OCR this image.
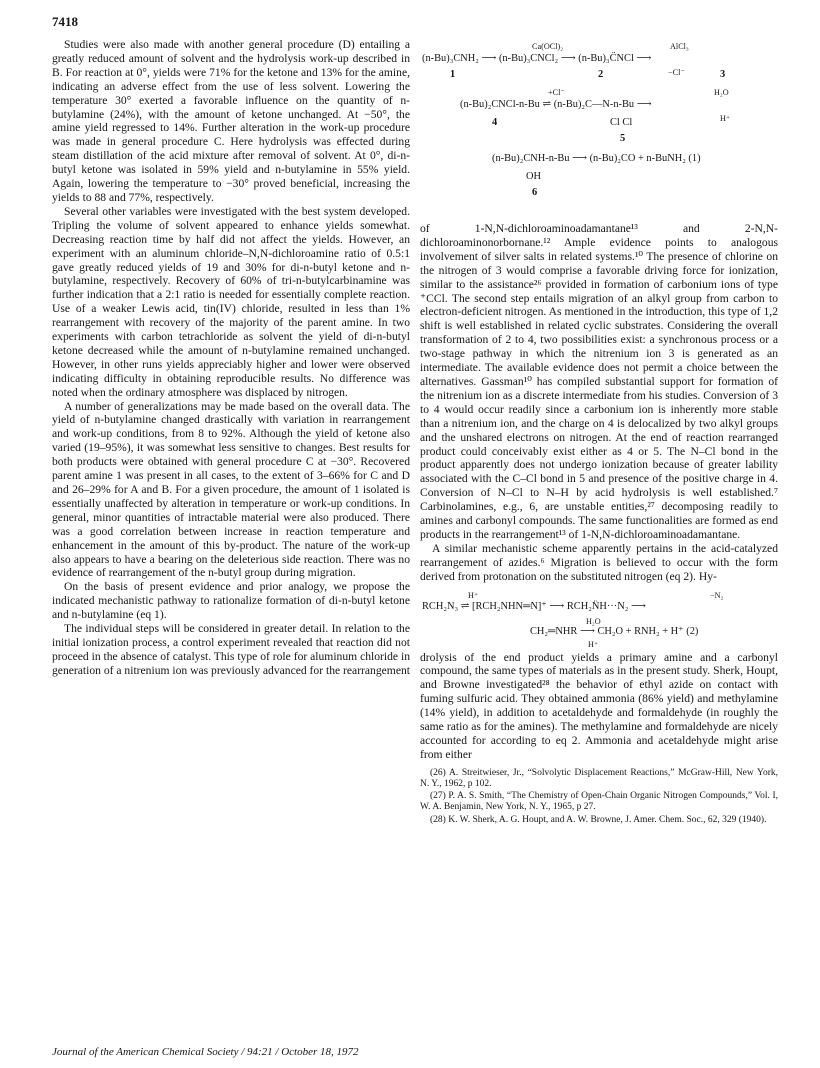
7418

Studies were also made with another general procedure (D) entailing a greatly reduced amount of solvent and the hydrolysis work-up described in B. For reaction at 0°, yields were 71% for the ketone and 13% for the amine, indicating an adverse effect from the use of less solvent. Lowering the temperature 30° exerted a favorable influence on the quantity of n-butylamine (24%), with the amount of ketone unchanged. At −50°, the amine yield regressed to 14%. Further alteration in the work-up procedure was made in general procedure C. Here hydrolysis was effected during steam distillation of the acid mixture after removal of solvent. At 0°, di-n-butyl ketone was isolated in 59% yield and n-butylamine in 55% yield. Again, lowering the temperature to −30° proved beneficial, increasing the yields to 88 and 77%, respectively.

Several other variables were investigated with the best system developed. Tripling the volume of solvent appeared to enhance yields somewhat. Decreasing reaction time by half did not affect the yields. However, an experiment with an aluminum chloride–N,N-dichloroamine ratio of 0.5:1 gave greatly reduced yields of 19 and 30% for di-n-butyl ketone and n-butylamine, respectively. Recovery of 60% of tri-n-butylcarbinamine was further indication that a 2:1 ratio is needed for essentially complete reaction. Use of a weaker Lewis acid, tin(IV) chloride, resulted in less than 1% rearrangement with recovery of the majority of the parent amine. In two experiments with carbon tetrachloride as solvent the yield of di-n-butyl ketone decreased while the amount of n-butylamine remained unchanged. However, in other runs yields appreciably higher and lower were observed indicating difficulty in obtaining reproducible results. No difference was noted when the ordinary atmosphere was displaced by nitrogen.

A number of generalizations may be made based on the overall data. The yield of n-butylamine changed drastically with variation in rearrangement and work-up conditions, from 8 to 92%. Although the yield of ketone also varied (19–95%), it was somewhat less sensitive to changes. Best results for both products were obtained with general procedure C at −30°. Recovered parent amine 1 was present in all cases, to the extent of 3–66% for C and D and 26–29% for A and B. For a given procedure, the amount of 1 isolated is essentially unaffected by alteration in temperature or work-up conditions. In general, minor quantities of intractable material were also produced. There was a good correlation between increase in reaction temperature and enhancement in the amount of this by-product. The nature of the work-up also appears to have a bearing on the deleterious side reaction. There was no evidence of rearrangement of the n-butyl group during migration.

On the basis of present evidence and prior analogy, we propose the indicated mechanistic pathway to rationalize formation of di-n-butyl ketone and n-butylamine (eq 1).

The individual steps will be considered in greater detail. In relation to the initial ionization process, a control experiment revealed that reaction did not proceed in the absence of catalyst. This type of role for aluminum chloride in generation of a nitrenium ion was previously advanced for the rearrangement

Ca(OCl)₂	AlCl₃
(n-Bu)₃CNH₂ ⟶ (n-Bu)₃CNCl₂ ⟶ (n-Bu)₃C̈NCl ⟶
−Cl⁻
1	2	3
+Cl⁻	H₂O
(n-Bu)₂CNCl-n-Bu ⇌ (n-Bu)₂C—N-n-Bu ⟶
H⁺
Cl Cl
4
5
(n-Bu)₂CNH-n-Bu ⟶ (n-Bu)₂CO + n-BuNH₂ (1)
OH
6

of 1-N,N-dichloroaminoadamantane¹³ and 2-N,N-dichloroaminonorbornane.¹² Ample evidence points to analogous involvement of silver salts in related systems.¹⁰ The presence of chlorine on the nitrogen of 3 would comprise a favorable driving force for ionization, similar to the assistance²⁶ provided in formation of carbonium ions of type ⁺CCl. The second step entails migration of an alkyl group from carbon to electron-deficient nitrogen. As mentioned in the introduction, this type of 1,2 shift is well established in related cyclic substrates. Considering the overall transformation of 2 to 4, two possibilities exist: a synchronous process or a two-stage pathway in which the nitrenium ion 3 is generated as an intermediate. The available evidence does not permit a choice between the alternatives. Gassman¹⁰ has compiled substantial support for formation of the nitrenium ion as a discrete intermediate from his studies. Conversion of 3 to 4 would occur readily since a carbonium ion is inherently more stable than a nitrenium ion, and the charge on 4 is delocalized by two alkyl groups and the unshared electrons on nitrogen. At the end of reaction rearranged product could conceivably exist either as 4 or 5. The N–Cl bond in the product apparently does not undergo ionization because of greater lability associated with the C–Cl bond in 5 and presence of the positive charge in 4. Conversion of N–Cl to N–H by acid hydrolysis is well established.⁷ Carbinolamines, e.g., 6, are unstable entities,²⁷ decomposing readily to amines and carbonyl compounds. The same functionalities are formed as end products in the rearrangement¹³ of 1-N,N-dichloroaminoadamantane.

A similar mechanistic scheme apparently pertains in the acid-catalyzed rearrangement of azides.⁶ Migration is believed to occur with the form derived from protonation on the substituted nitrogen (eq 2). Hy-

H⁺	−N₂
RCH₂N₃ ⇌ [RCH₂NHN═N]⁺ ⟶ RCH₂N̈H···N₂ ⟶
H₂O
CH₂═NHR ⟶ CH₂O + RNH₂ + H⁺ (2)
H⁺

drolysis of the end product yields a primary amine and a carbonyl compound, the same types of materials as in the present study. Sherk, Houpt, and Browne investigated²⁸ the behavior of ethyl azide on contact with fuming sulfuric acid. They obtained ammonia (86% yield) and methylamine (14% yield), in addition to acetaldehyde and formaldehyde (in roughly the same ratio as for the amines). The methylamine and formaldehyde are nicely accounted for according to eq 2. Ammonia and acetaldehyde might arise from either

(26) A. Streitwieser, Jr., “Solvolytic Displacement Reactions,” McGraw-Hill, New York, N. Y., 1962, p 102.

(27) P. A. S. Smith, “The Chemistry of Open-Chain Organic Nitrogen Compounds,” Vol. I, W. A. Benjamin, New York, N. Y., 1965, p 27.

(28) K. W. Sherk, A. G. Houpt, and A. W. Browne, J. Amer. Chem. Soc., 62, 329 (1940).

Journal of the American Chemical Society / 94:21 / October 18, 1972
